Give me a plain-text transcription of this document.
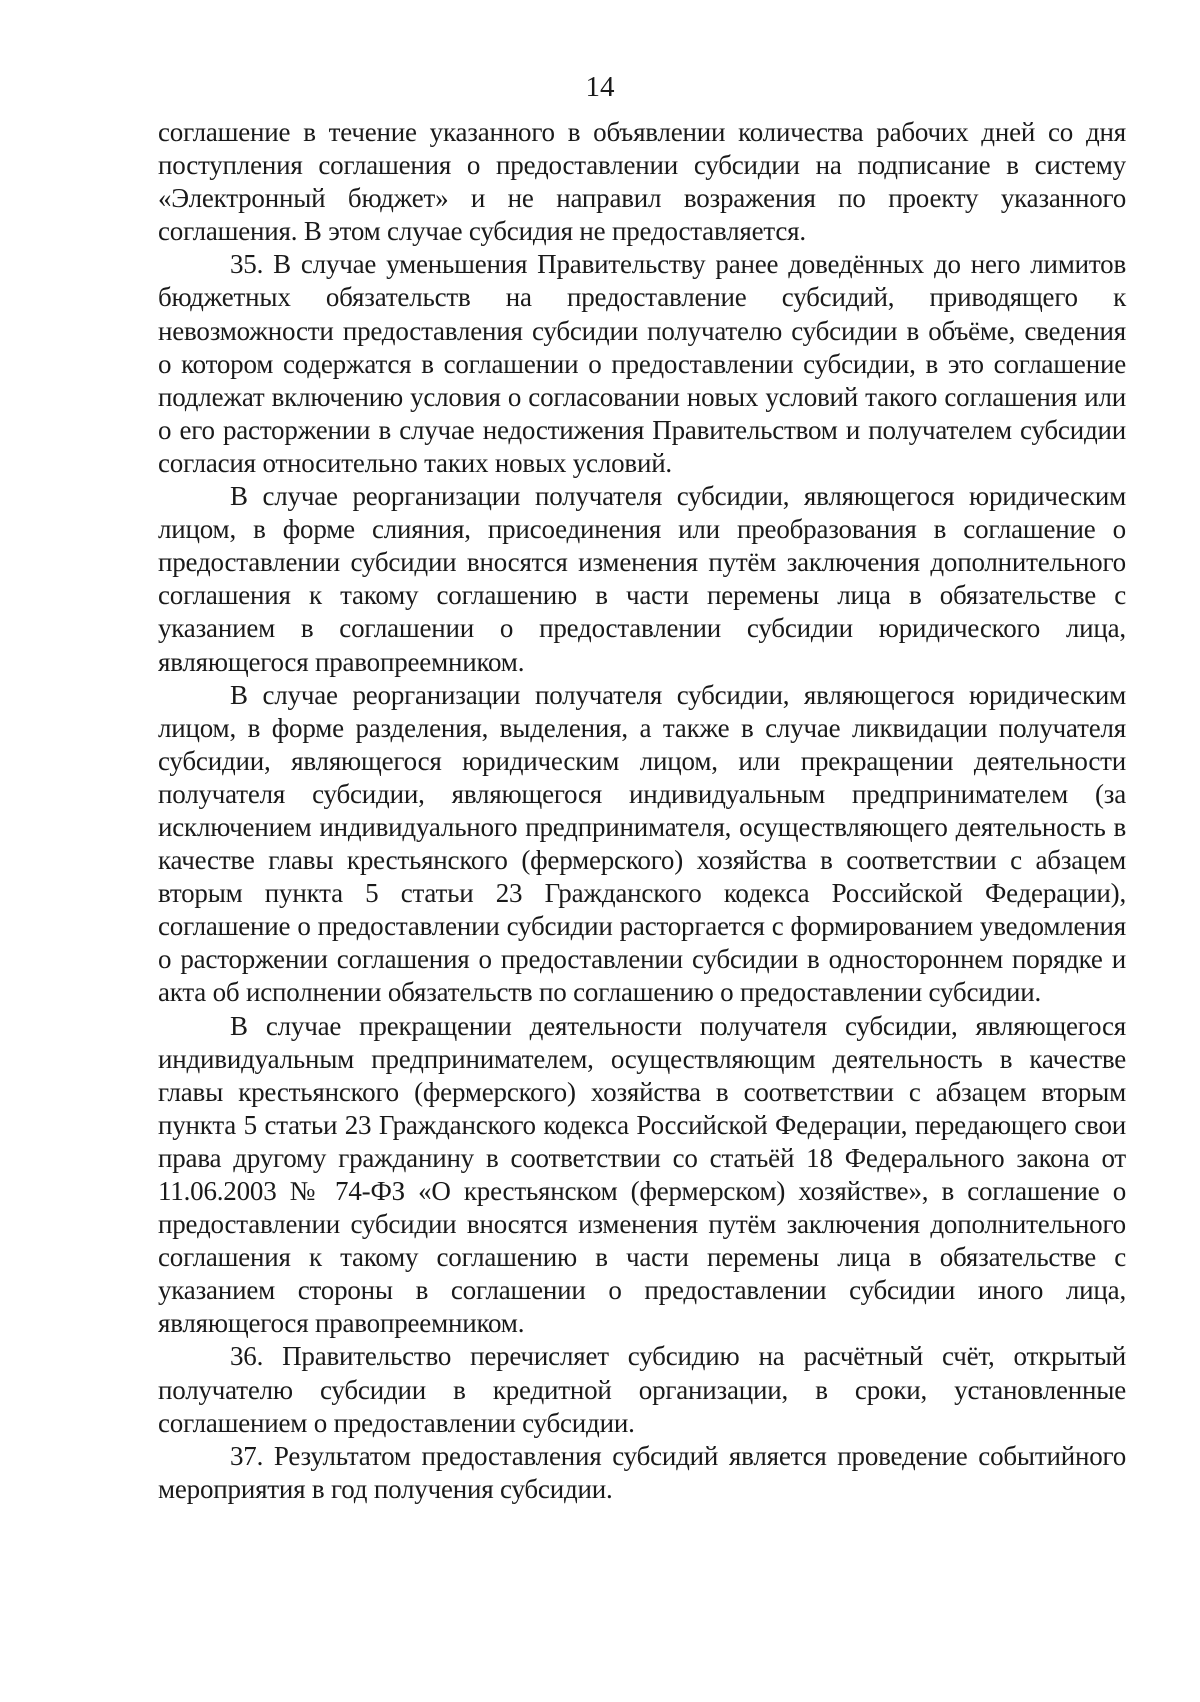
14

соглашение в течение указанного в объявлении количества рабочих дней со дня поступления соглашения о предоставлении субсидии на подписание в систему «Электронный бюджет» и не направил возражения по проекту указанного соглашения. В этом случае субсидия не предоставляется.

35. В случае уменьшения Правительству ранее доведённых до него лимитов бюджетных обязательств на предоставление субсидий, приводящего к невозможности предоставления субсидии получателю субсидии в объёме, сведения о котором содержатся в соглашении о предоставлении субсидии, в это соглашение подлежат включению условия о согласовании новых условий такого соглашения или о его расторжении в случае недостижения Правительством и получателем субсидии согласия относительно таких новых условий.

В случае реорганизации получателя субсидии, являющегося юридическим лицом, в форме слияния, присоединения или преобразования в соглашение о предоставлении субсидии вносятся изменения путём заключения дополнительного соглашения к такому соглашению в части перемены лица в обязательстве с указанием в соглашении о предоставлении субсидии юридического лица, являющегося правопреемником.

В случае реорганизации получателя субсидии, являющегося юридическим лицом, в форме разделения, выделения, а также в случае ликвидации получателя субсидии, являющегося юридическим лицом, или прекращении деятельности получателя субсидии, являющегося индивидуальным предпринимателем (за исключением индивидуального предпринимателя, осуществляющего деятельность в качестве главы крестьянского (фермерского) хозяйства в соответствии с абзацем вторым пункта 5 статьи 23 Гражданского кодекса Российской Федерации), соглашение о предоставлении субсидии расторгается с формированием уведомления о расторжении соглашения о предоставлении субсидии в одностороннем порядке и акта об исполнении обязательств по соглашению о предоставлении субсидии.

В случае прекращении деятельности получателя субсидии, являющегося индивидуальным предпринимателем, осуществляющим деятельность в качестве главы крестьянского (фермерского) хозяйства в соответствии с абзацем вторым пункта 5 статьи 23 Гражданского кодекса Российской Федерации, передающего свои права другому гражданину в соответствии со статьёй 18 Федерального закона от 11.06.2003 № 74-ФЗ «О крестьянском (фермерском) хозяйстве», в соглашение о предоставлении субсидии вносятся изменения путём заключения дополнительного соглашения к такому соглашению в части перемены лица в обязательстве с указанием стороны в соглашении о предоставлении субсидии иного лица, являющегося правопреемником.

36. Правительство перечисляет субсидию на расчётный счёт, открытый получателю субсидии в кредитной организации, в сроки, установленные соглашением о предоставлении субсидии.

37. Результатом предоставления субсидий является проведение событийного мероприятия в год получения субсидии.
